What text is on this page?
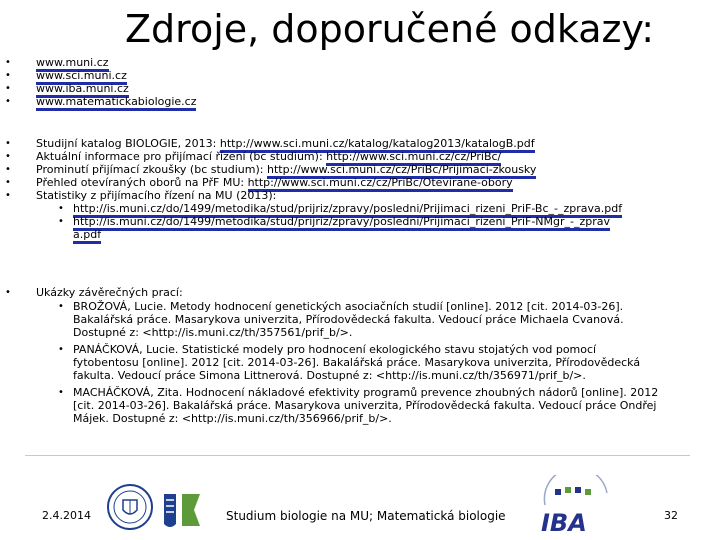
Zdroje, doporučené odkazy:
• www.muni.cz
• www.sci.muni.cz
• www.iba.muni.cz
• www.matematickabiologie.cz
• Studijní katalog BIOLOGIE, 2013: http://www.sci.muni.cz/katalog/katalog2013/katalogB.pdf
• Aktuální informace pro přijímací řízení (bc studium): http://www.sci.muni.cz/cz/PriBc/
• Prominutí přijímací zkoušky (bc studium): http://www.sci.muni.cz/cz/PriBc/Prijimaci-zkousky
• Přehled otevíraných oborů na PřF MU: http://www.sci.muni.cz/cz/PriBc/Otevirane-obory
• Statistiky z přijímacího řízení na MU (2013):
• http://is.muni.cz/do/1499/metodika/stud/prijriz/zpravy/posledni/Prijimaci_rizeni_PriF-Bc_-_zprava.pdf
• http://is.muni.cz/do/1499/metodika/stud/prijriz/zpravy/posledni/Prijimaci_rizeni_PriF-NMgr_-_zprava.pdf
• Ukázky závěrečných prací:
• BROŽOVÁ, Lucie. Metody hodnocení genetických asociačních studií [online]. 2012 [cit. 2014-03-26]. Bakalářská práce. Masarykova univerzita, Přírodovědecká fakulta. Vedoucí práce Michaela Cvanová. Dostupné z: <http://is.muni.cz/th/357561/prif_b/>.
• PANÁČKOVÁ, Lucie. Statistické modely pro hodnocení ekologického stavu stojatých vod pomocí fytobentosu [online]. 2012 [cit. 2014-03-26]. Bakalářská práce. Masarykova univerzita, Přírodovědecká fakulta. Vedoucí práce Simona Littnerová. Dostupné z: <http://is.muni.cz/th/356971/prif_b/>.
• MACHÁČKOVÁ, Zita. Hodnocení nákladové efektivity programů prevence zhoubných nádorů [online]. 2012 [cit. 2014-03-26]. Bakalářská práce. Masarykova univerzita, Přírodovědecká fakulta. Vedoucí práce Ondřej Májek. Dostupné z: <http://is.muni.cz/th/356966/prif_b/>.
2.4.2014	Studium biologie na MU; Matematická biologie IBA	32
